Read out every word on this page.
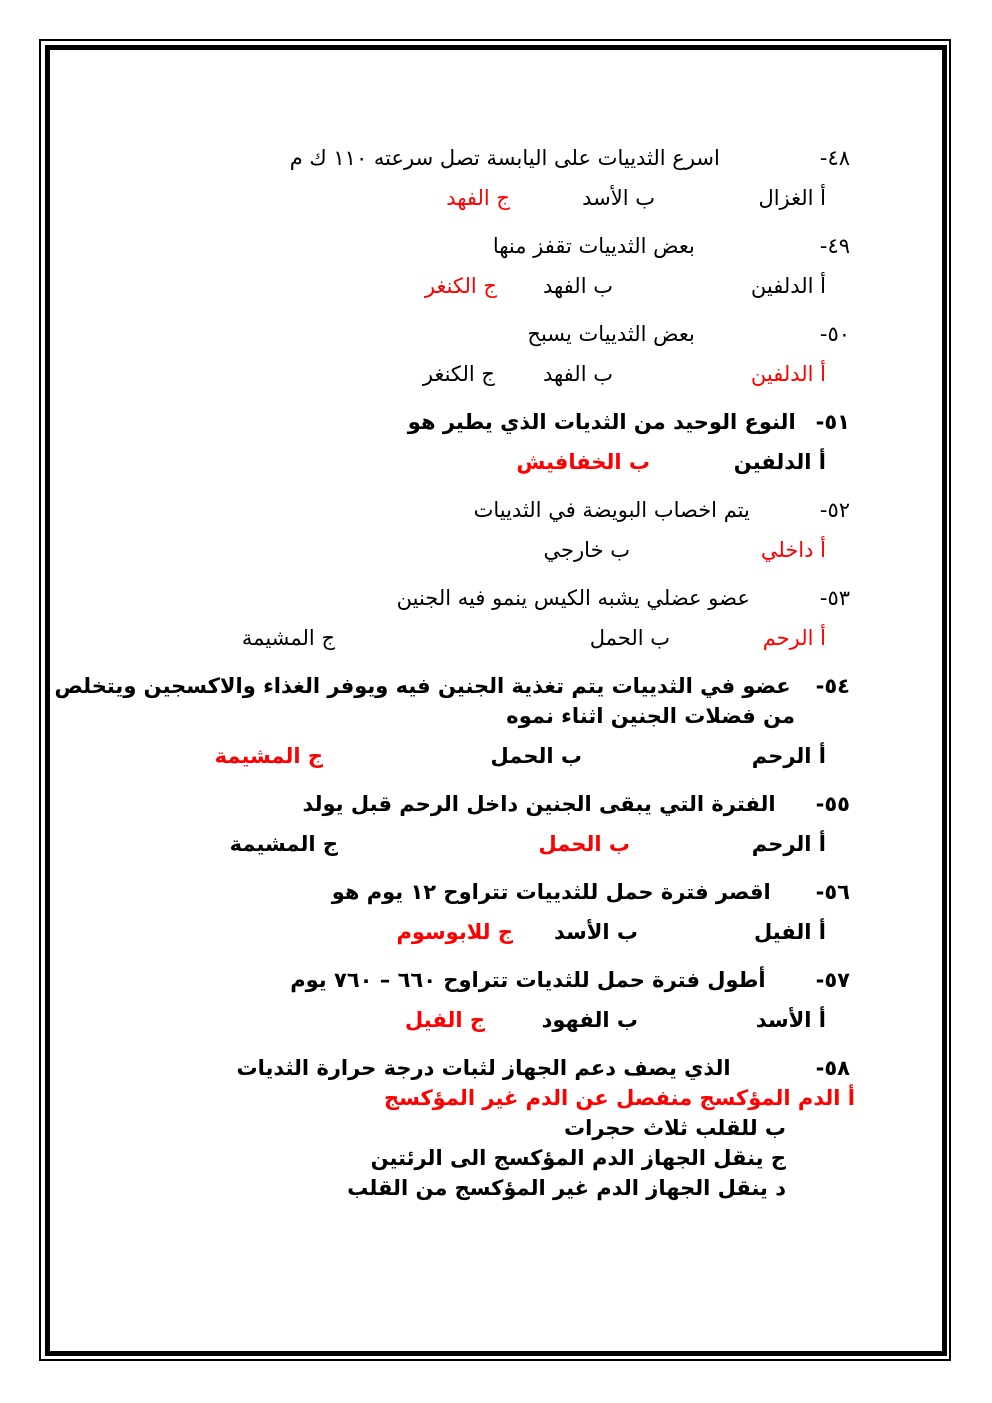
٤٨-
اسرع الثدييات على اليابسة تصل سرعته ١١٠ ك م
أ الغزال
ب الأسد
ج الفهد
٤٩-
بعض الثدييات تقفز منها
أ الدلفين
ب الفهد
ج الكنغر
٥٠-
بعض الثدييات يسبح
أ الدلفين
ب الفهد
ج الكنغر
٥١-
النوع الوحيد من الثديات الذي يطير هو
أ الدلفين
ب الخفافيش
٥٢-
يتم اخصاب البويضة في الثدييات
أ داخلي
ب خارجي
٥٣-
عضو عضلي يشبه الكيس ينمو فيه الجنين
أ الرحم
ب الحمل
ج المشيمة
٥٤-
عضو في الثدييات يتم تغذية الجنين فيه ويوفر الغذاء والاكسجين ويتخلص
من فضلات الجنين اثناء نموه
أ الرحم
ب الحمل
ج المشيمة
٥٥-
الفترة التي يبقى الجنين داخل الرحم قبل يولد
أ الرحم
ب الحمل
ج المشيمة
٥٦-
اقصر فترة حمل للثدييات تتراوح ١٢ يوم هو
أ الفيل
ب الأسد
ج للابوسوم
٥٧-
أطول فترة حمل للثديات تتراوح ٦٦٠ – ٧٦٠ يوم
أ الأسد
ب الفهود
ج الفيل
٥٨-
الذي يصف دعم الجهاز لثبات درجة حرارة الثديات
أ الدم المؤكسج منفصل عن الدم غير المؤكسج
ب للقلب ثلاث حجرات
ج ينقل الجهاز الدم المؤكسج الى الرئتين
د ينقل الجهاز الدم غير المؤكسج من القلب
